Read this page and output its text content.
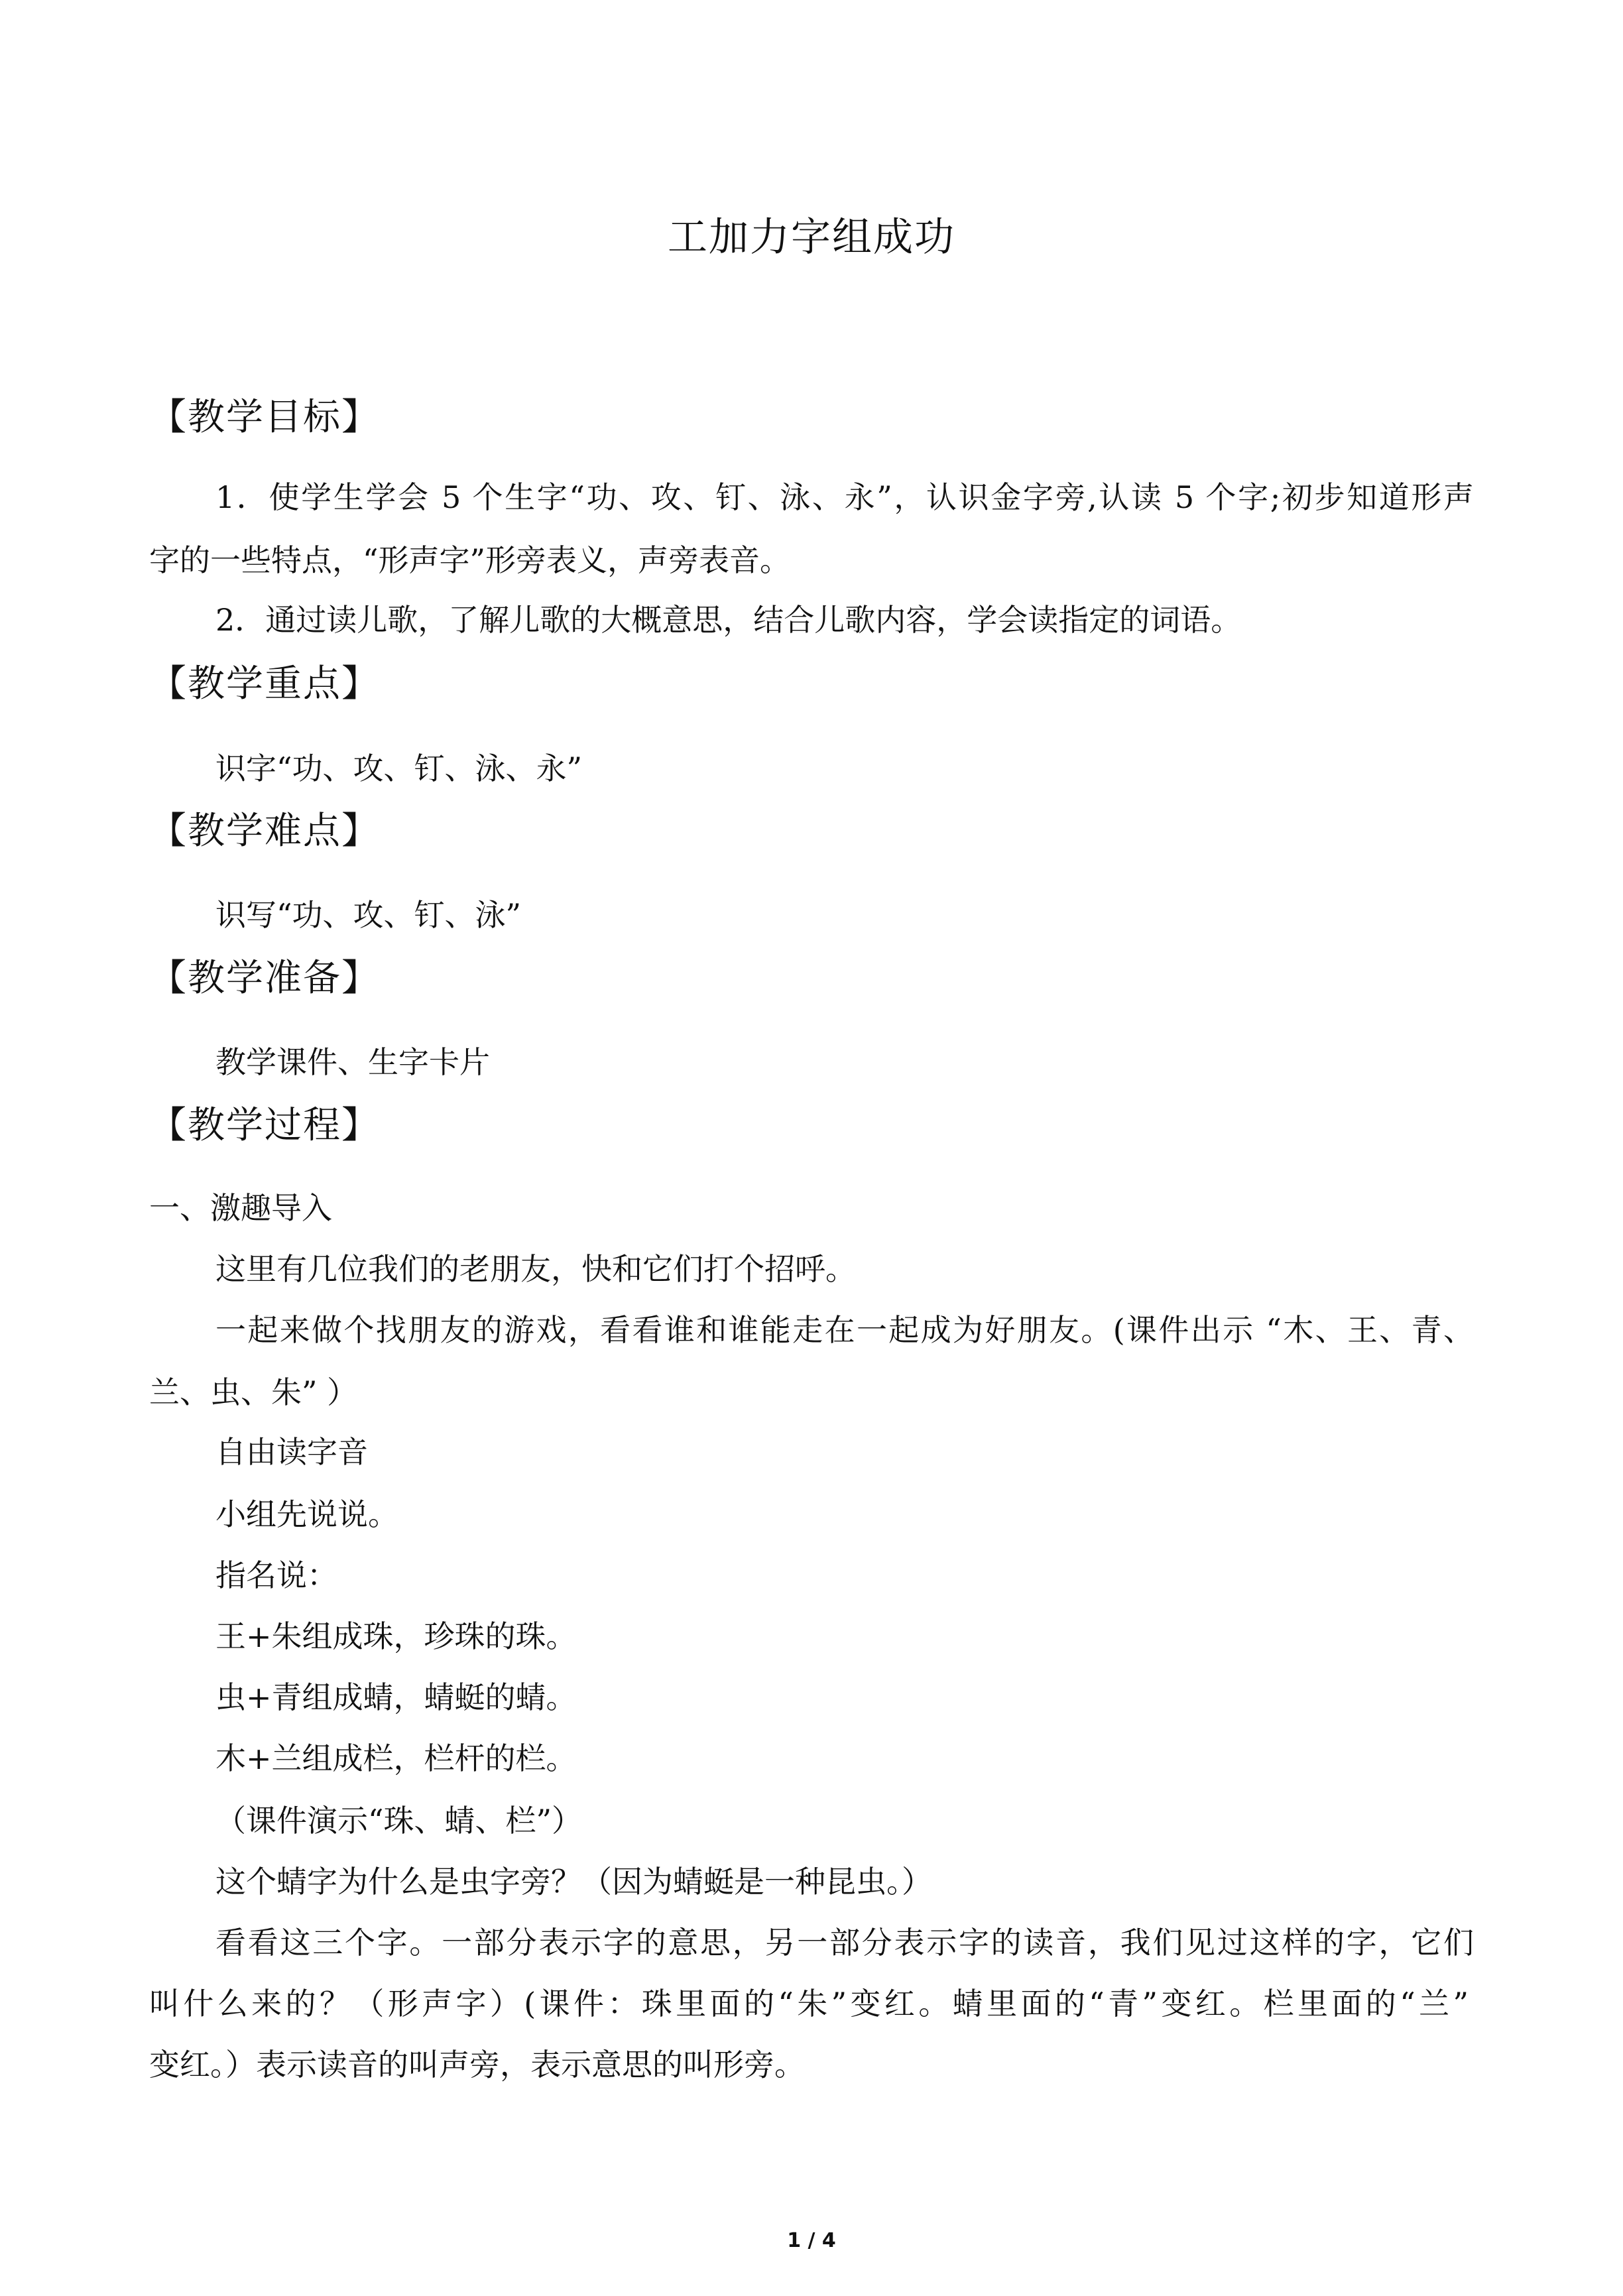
工加力字组成功
【教学目标】
1．使学生学会 5 个生字“功、攻、钉、泳、永”，认识金字旁,认读 5 个字;初步知道形声
字的一些特点，“形声字”形旁表义，声旁表音。
2．通过读儿歌，了解儿歌的大概意思，结合儿歌内容，学会读指定的词语。
【教学重点】
识字“功、攻、钉、泳、永”
【教学难点】
识写“功、攻、钉、泳”
【教学准备】
教学课件、生字卡片
【教学过程】
一、激趣导入
这里有几位我们的老朋友，快和它们打个招呼。
一起来做个找朋友的游戏，看看谁和谁能走在一起成为好朋友。(课件出示 “木、王、青、
兰、虫、朱” ）
自由读字音
小组先说说。
指名说：
王+朱组成珠，珍珠的珠。
虫+青组成蜻，蜻蜓的蜻。
木+兰组成栏，栏杆的栏。
（课件演示“珠、蜻、栏”）
这个蜻字为什么是虫字旁？（因为蜻蜓是一种昆虫。）
看看这三个字。一部分表示字的意思，另一部分表示字的读音，我们见过这样的字，它们
叫什么来的？（形声字）(课件：珠里面的“朱”变红。蜻里面的“青”变红。栏里面的“兰”
变红。）表示读音的叫声旁，表示意思的叫形旁。
1 / 4
